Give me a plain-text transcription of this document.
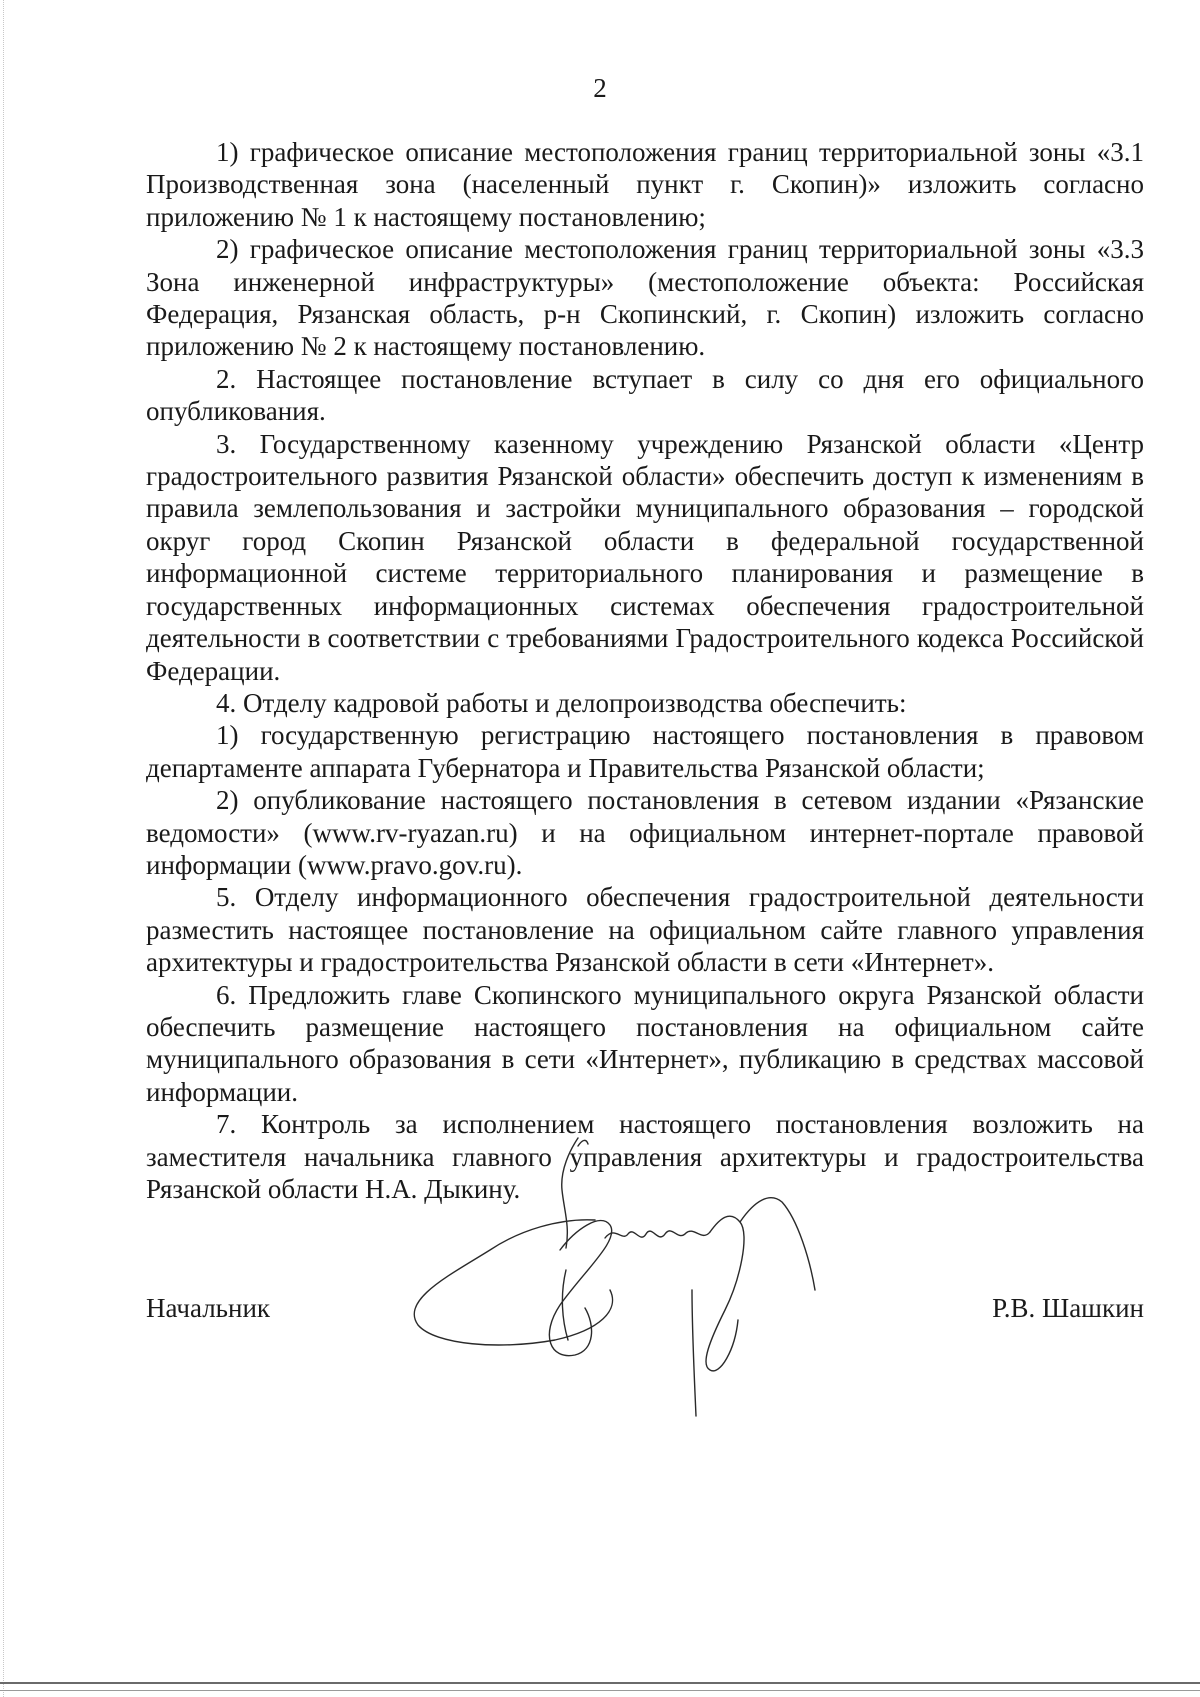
2

1) графическое описание местоположения границ территориальной зоны «3.1 Производственная зона (населенный пункт г. Скопин)» изложить согласно приложению № 1 к настоящему постановлению;

2) графическое описание местоположения границ территориальной зоны «3.3 Зона инженерной инфраструктуры» (местоположение объекта: Российская Федерация, Рязанская область, р-н Скопинский, г. Скопин) изложить согласно приложению № 2 к настоящему постановлению.

2. Настоящее постановление вступает в силу со дня его официального опубликования.

3. Государственному казенному учреждению Рязанской области «Центр градостроительного развития Рязанской области» обеспечить доступ к изменениям в правила землепользования и застройки муниципального образования – городской округ город Скопин Рязанской области в федеральной государственной информационной системе территориального планирования и размещение в государственных информационных системах обеспечения градостроительной деятельности в соответствии с требованиями Градостроительного кодекса Российской Федерации.

4. Отделу кадровой работы и делопроизводства обеспечить:

1) государственную регистрацию настоящего постановления в правовом департаменте аппарата Губернатора и Правительства Рязанской области;

2) опубликование настоящего постановления в сетевом издании «Рязанские ведомости» (www.rv-ryazan.ru) и на официальном интернет-портале правовой информации (www.pravo.gov.ru).

5. Отделу информационного обеспечения градостроительной деятельности разместить настоящее постановление на официальном сайте главного управления архитектуры и градостроительства Рязанской области в сети «Интернет».

6. Предложить главе Скопинского муниципального округа Рязанской области обеспечить размещение настоящего постановления на официальном сайте муниципального образования в сети «Интернет», публикацию в средствах массовой информации.

7. Контроль за исполнением настоящего постановления возложить на заместителя начальника главного управления архитектуры и градостроительства Рязанской области Н.А. Дыкину.

Начальник	Р.В. Шашкин
